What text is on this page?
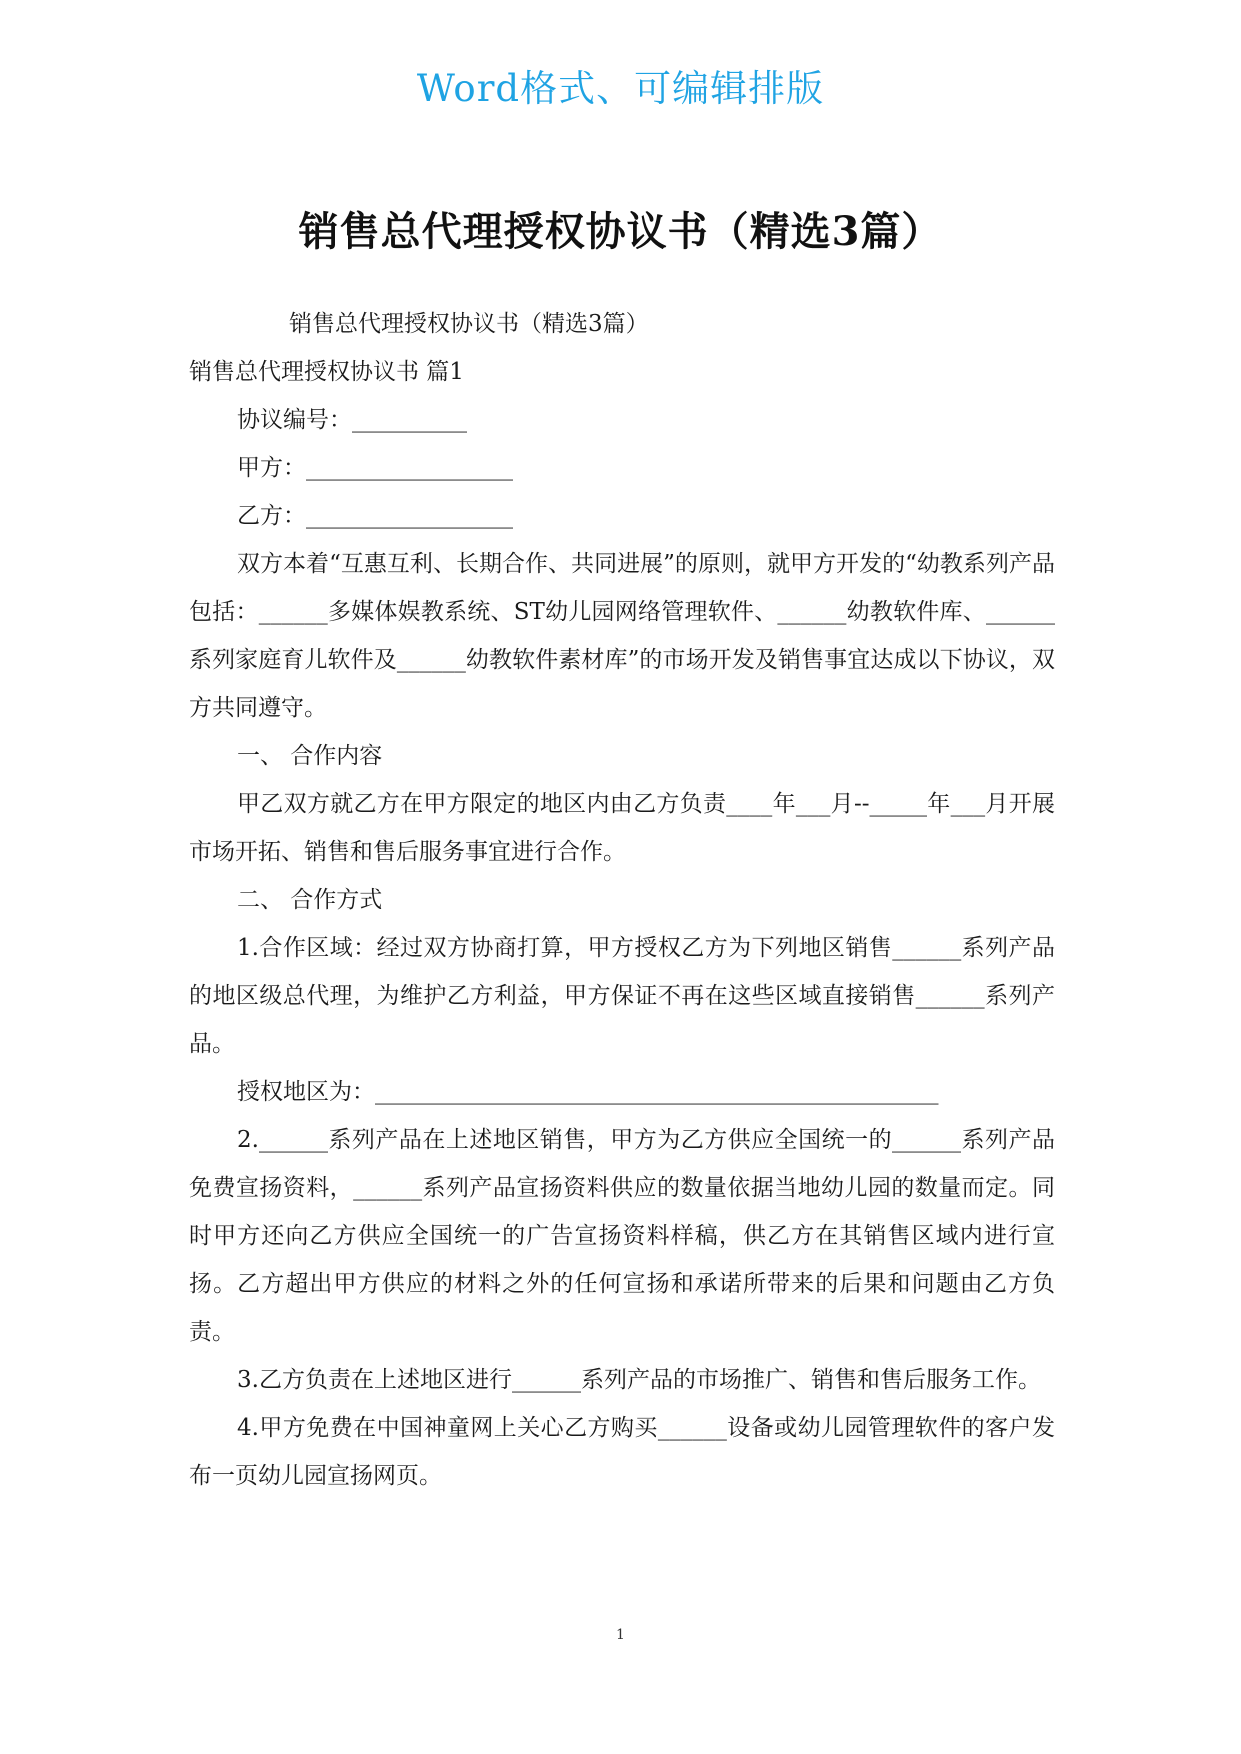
Word格式、可编辑排版
销售总代理授权协议书（精选3篇）

销售总代理授权协议书（精选3篇）

销售总代理授权协议书 篇1

协议编号：__________

甲方：__________________

乙方：__________________

双方本着“互惠互利、长期合作、共同进展”的原则，就甲方开发的“幼教系列产品包括：______多媒体娱教系统、ST幼儿园网络管理软件、______幼教软件库、______系列家庭育儿软件及______幼教软件素材库”的市场开发及销售事宜达成以下协议，双方共同遵守。

一、 合作内容

甲乙双方就乙方在甲方限定的地区内由乙方负责____年___月--_____年___月开展市场开拓、销售和售后服务事宜进行合作。

二、 合作方式

1.合作区域：经过双方协商打算，甲方授权乙方为下列地区销售______系列产品的地区级总代理，为维护乙方利益，甲方保证不再在这些区域直接销售______系列产品。

授权地区为：_________________________________________________

2.______系列产品在上述地区销售，甲方为乙方供应全国统一的______系列产品免费宣扬资料，______系列产品宣扬资料供应的数量依据当地幼儿园的数量而定。同时甲方还向乙方供应全国统一的广告宣扬资料样稿，供乙方在其销售区域内进行宣扬。乙方超出甲方供应的材料之外的任何宣扬和承诺所带来的后果和问题由乙方负责。

3.乙方负责在上述地区进行______系列产品的市场推广、销售和售后服务工作。

4.甲方免费在中国神童网上关心乙方购买______设备或幼儿园管理软件的客户发布一页幼儿园宣扬网页。

1
